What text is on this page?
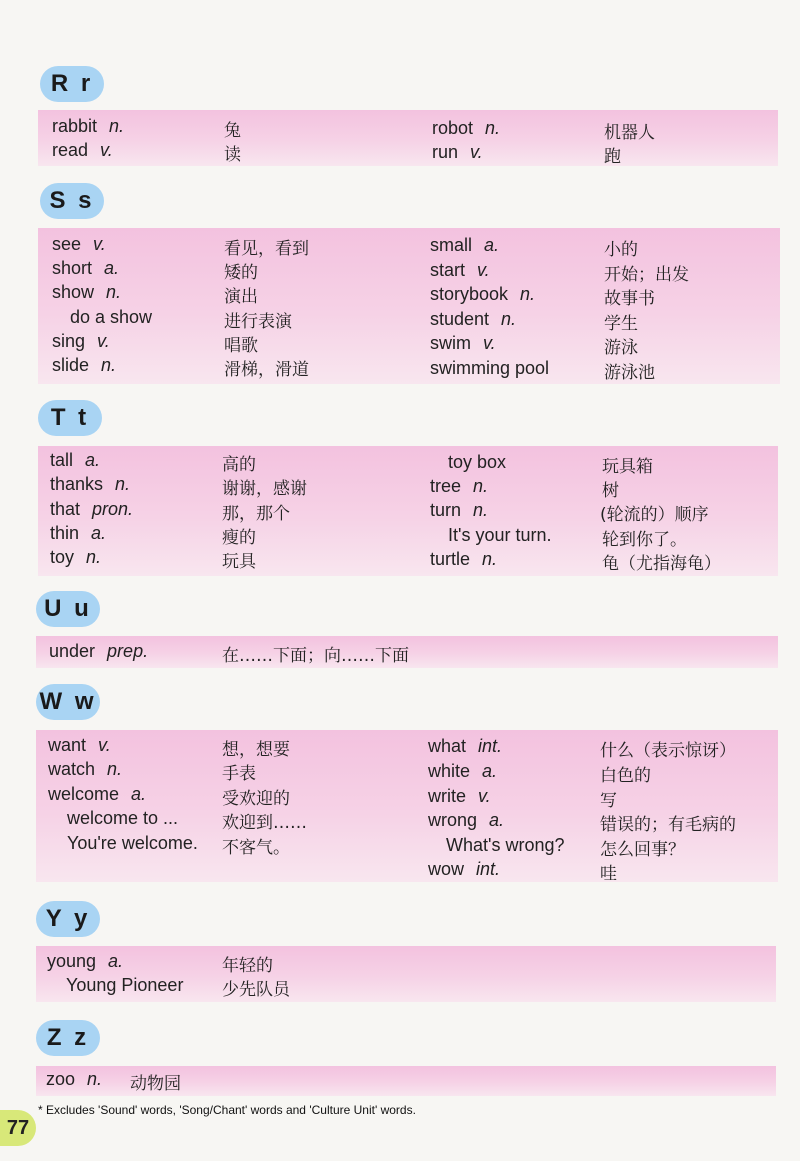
R r
rabbit n.	兔
read v.	读
robot n.	机器人
run v.	跑
S s
see v.	看见，看到
short a.	矮的
show n.	演出
do a show	进行表演
sing v.	唱歌
slide n.	滑梯，滑道
small a.	小的
start v.	开始；出发
storybook n.	故事书
student n.	学生
swim v.	游泳
swimming pool	游泳池
T t
tall a.	高的
thanks n.	谢谢，感谢
that pron.	那，那个
thin a.	瘦的
toy n.	玩具
toy box	玩具箱
tree n.	树
turn n.	(轮流的）顺序
It's your turn.	轮到你了。
turtle n.	龟（尤指海龟）
U u
under prep.	在……下面；向……下面
W w
want v.	想，想要
watch n.	手表
welcome a.	受欢迎的
welcome to ...	欢迎到……
You're welcome. 不客气。
what int.	什么（表示惊讶）
white a.	白色的
write v.	写
wrong a.	错误的；有毛病的
What's wrong? 怎么回事？
wow int.	哇
Y y
young a.	年轻的
Young Pioneer 少先队员
Z z
zoo n. 动物园
* Excludes 'Sound' words, 'Song/Chant' words and 'Culture Unit' words.
77
